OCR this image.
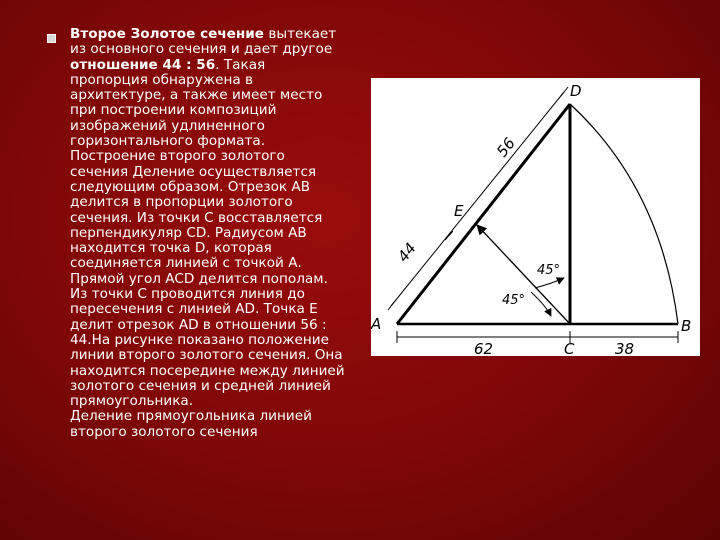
Второе Золотое сечение вытекает
из основного сечения и дает другое
отношение 44 : 56. Такая
пропорция обнаружена в
архитектуре, а также имеет место
при построении композиций
изображений удлиненного
горизонтального формата.
Построение второго золотого
сечения Деление осуществляется
следующим образом. Отрезок АВ
делится в пропорции золотого
сечения. Из точки С восставляется
перпендикуляр CD. Радиусом АВ
находится точка D, которая
соединяется линией с точкой А.
Прямой угол ACD делится пополам.
Из точки С проводится линия до
пересечения с линией AD. Точка Е
делит отрезок AD в отношении 56 :
44.На рисунке показано положение
линии второго золотого сечения. Она
находится посередине между линией
золотого сечения и средней линией
прямоугольника.
Деление прямоугольника линией
второго золотого сечения
D
E
A	B
C
62	38
44
56
45°
45°
